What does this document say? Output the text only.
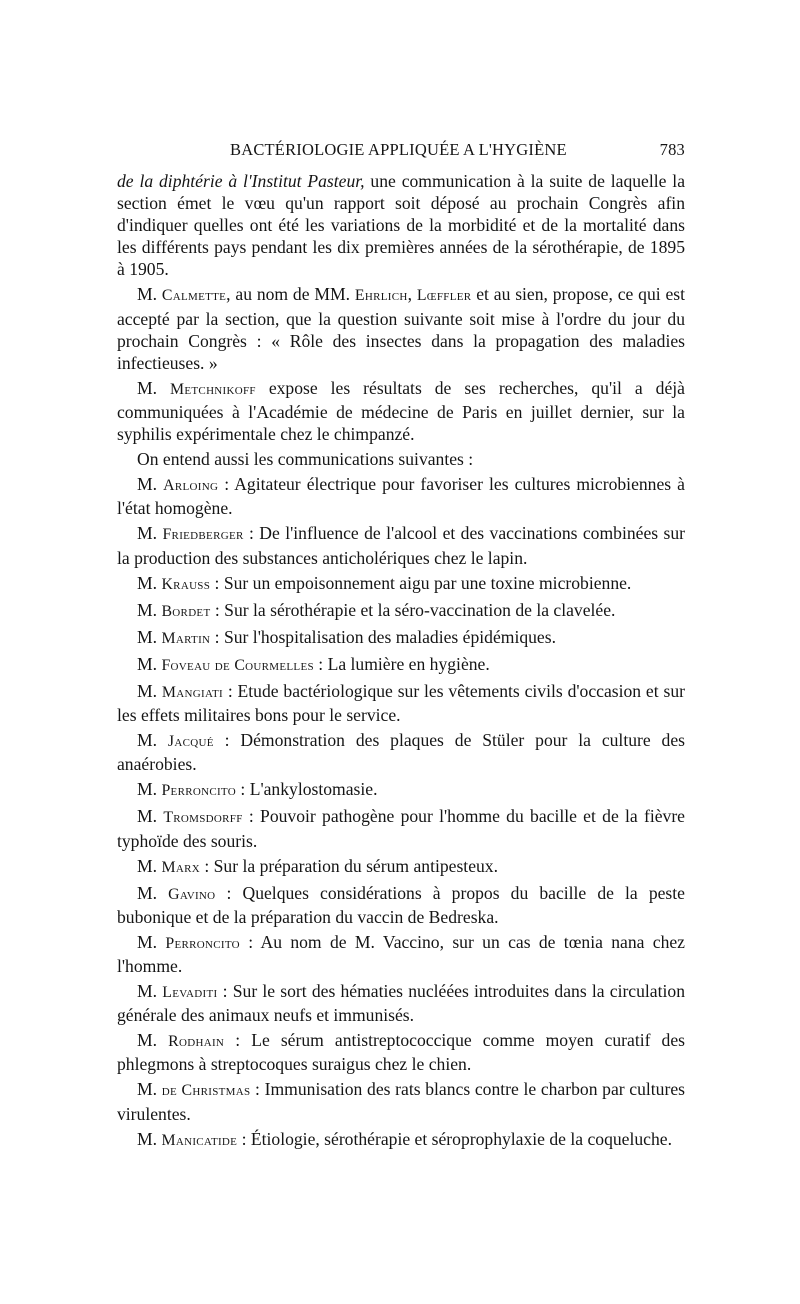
BACTÉRIOLOGIE APPLIQUÉE A L'HYGIÈNE	783

de la diphtérie à l'Institut Pasteur, une communication à la suite de laquelle la section émet le vœu qu'un rapport soit déposé au prochain Congrès afin d'indiquer quelles ont été les variations de la morbidité et de la mortalité dans les différents pays pendant les dix premières années de la sérothérapie, de 1895 à 1905.

M. Calmette, au nom de MM. Ehrlich, Lœffler et au sien, propose, ce qui est accepté par la section, que la question suivante soit mise à l'ordre du jour du prochain Congrès : « Rôle des insectes dans la propagation des maladies infectieuses. »

M. Metchnikoff expose les résultats de ses recherches, qu'il a déjà communiquées à l'Académie de médecine de Paris en juillet dernier, sur la syphilis expérimentale chez le chimpanzé.

On entend aussi les communications suivantes :

M. Arloing : Agitateur électrique pour favoriser les cultures microbiennes à l'état homogène.

M. Friedberger : De l'influence de l'alcool et des vaccinations combinées sur la production des substances anticholériques chez le lapin.

M. Krauss : Sur un empoisonnement aigu par une toxine microbienne.

M. Bordet : Sur la sérothérapie et la séro-vaccination de la clavelée.

M. Martin : Sur l'hospitalisation des maladies épidémiques.

M. Foveau de Courmelles : La lumière en hygiène.

M. Mangiati : Etude bactériologique sur les vêtements civils d'occasion et sur les effets militaires bons pour le service.

M. Jacqué : Démonstration des plaques de Stüler pour la culture des anaérobies.

M. Perroncito : L'ankylostomasie.

M. Tromsdorff : Pouvoir pathogène pour l'homme du bacille et de la fièvre typhoïde des souris.

M. Marx : Sur la préparation du sérum antipesteux.

M. Gavino : Quelques considérations à propos du bacille de la peste bubonique et de la préparation du vaccin de Bedreska.

M. Perroncito : Au nom de M. Vaccino, sur un cas de tœnia nana chez l'homme.

M. Levaditi : Sur le sort des hématies nucléées introduites dans la circulation générale des animaux neufs et immunisés.

M. Rodhain : Le sérum antistreptococcique comme moyen curatif des phlegmons à streptocoques suraigus chez le chien.

M. de Christmas : Immunisation des rats blancs contre le charbon par cultures virulentes.

M. Manicatide : Étiologie, sérothérapie et séroprophylaxie de la coqueluche.
